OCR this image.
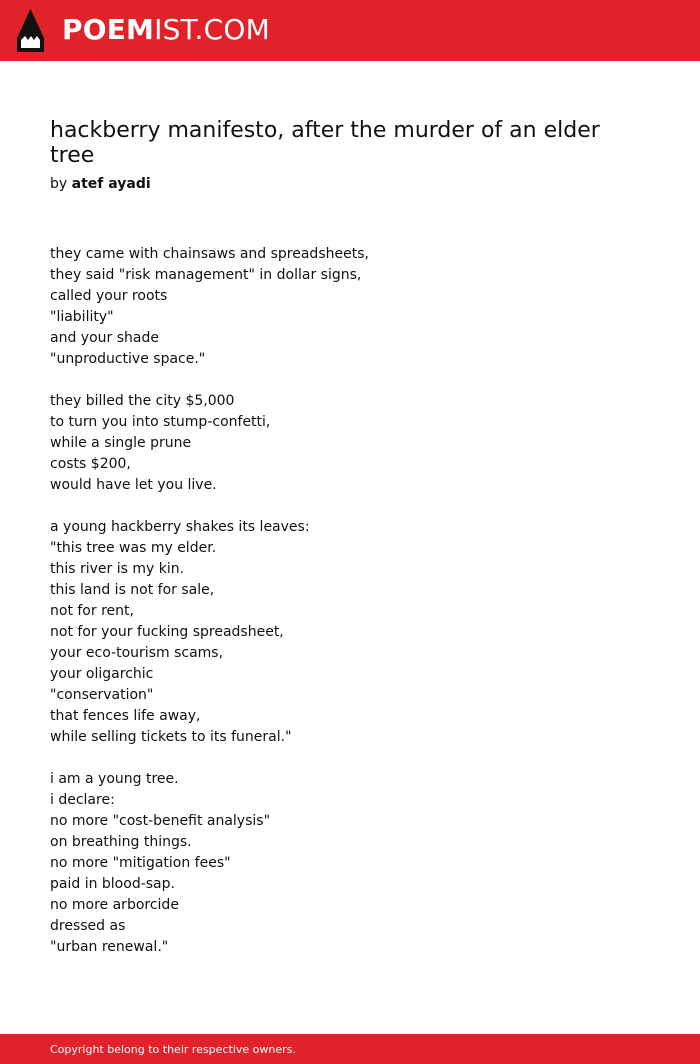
POEMIST.COM
hackberry manifesto, after the murder of an elder tree
by atef ayadi
they came with chainsaws and spreadsheets,
they said "risk management" in dollar signs,
called your roots
"liability"
and your shade
"unproductive space."

they billed the city $5,000
to turn you into stump-confetti,
while a single prune
costs $200,
would have let you live.

a young hackberry shakes its leaves:
"this tree was my elder.
this river is my kin.
this land is not for sale,
not for rent,
not for your fucking spreadsheet,
your eco-tourism scams,
your oligarchic
"conservation"
that fences life away,
while selling tickets to its funeral."

i am a young tree.
i declare:
no more "cost-benefit analysis"
on breathing things.
no more "mitigation fees"
paid in blood-sap.
no more arborcide
dressed as
"urban renewal."
Copyright belong to their respective owners.
